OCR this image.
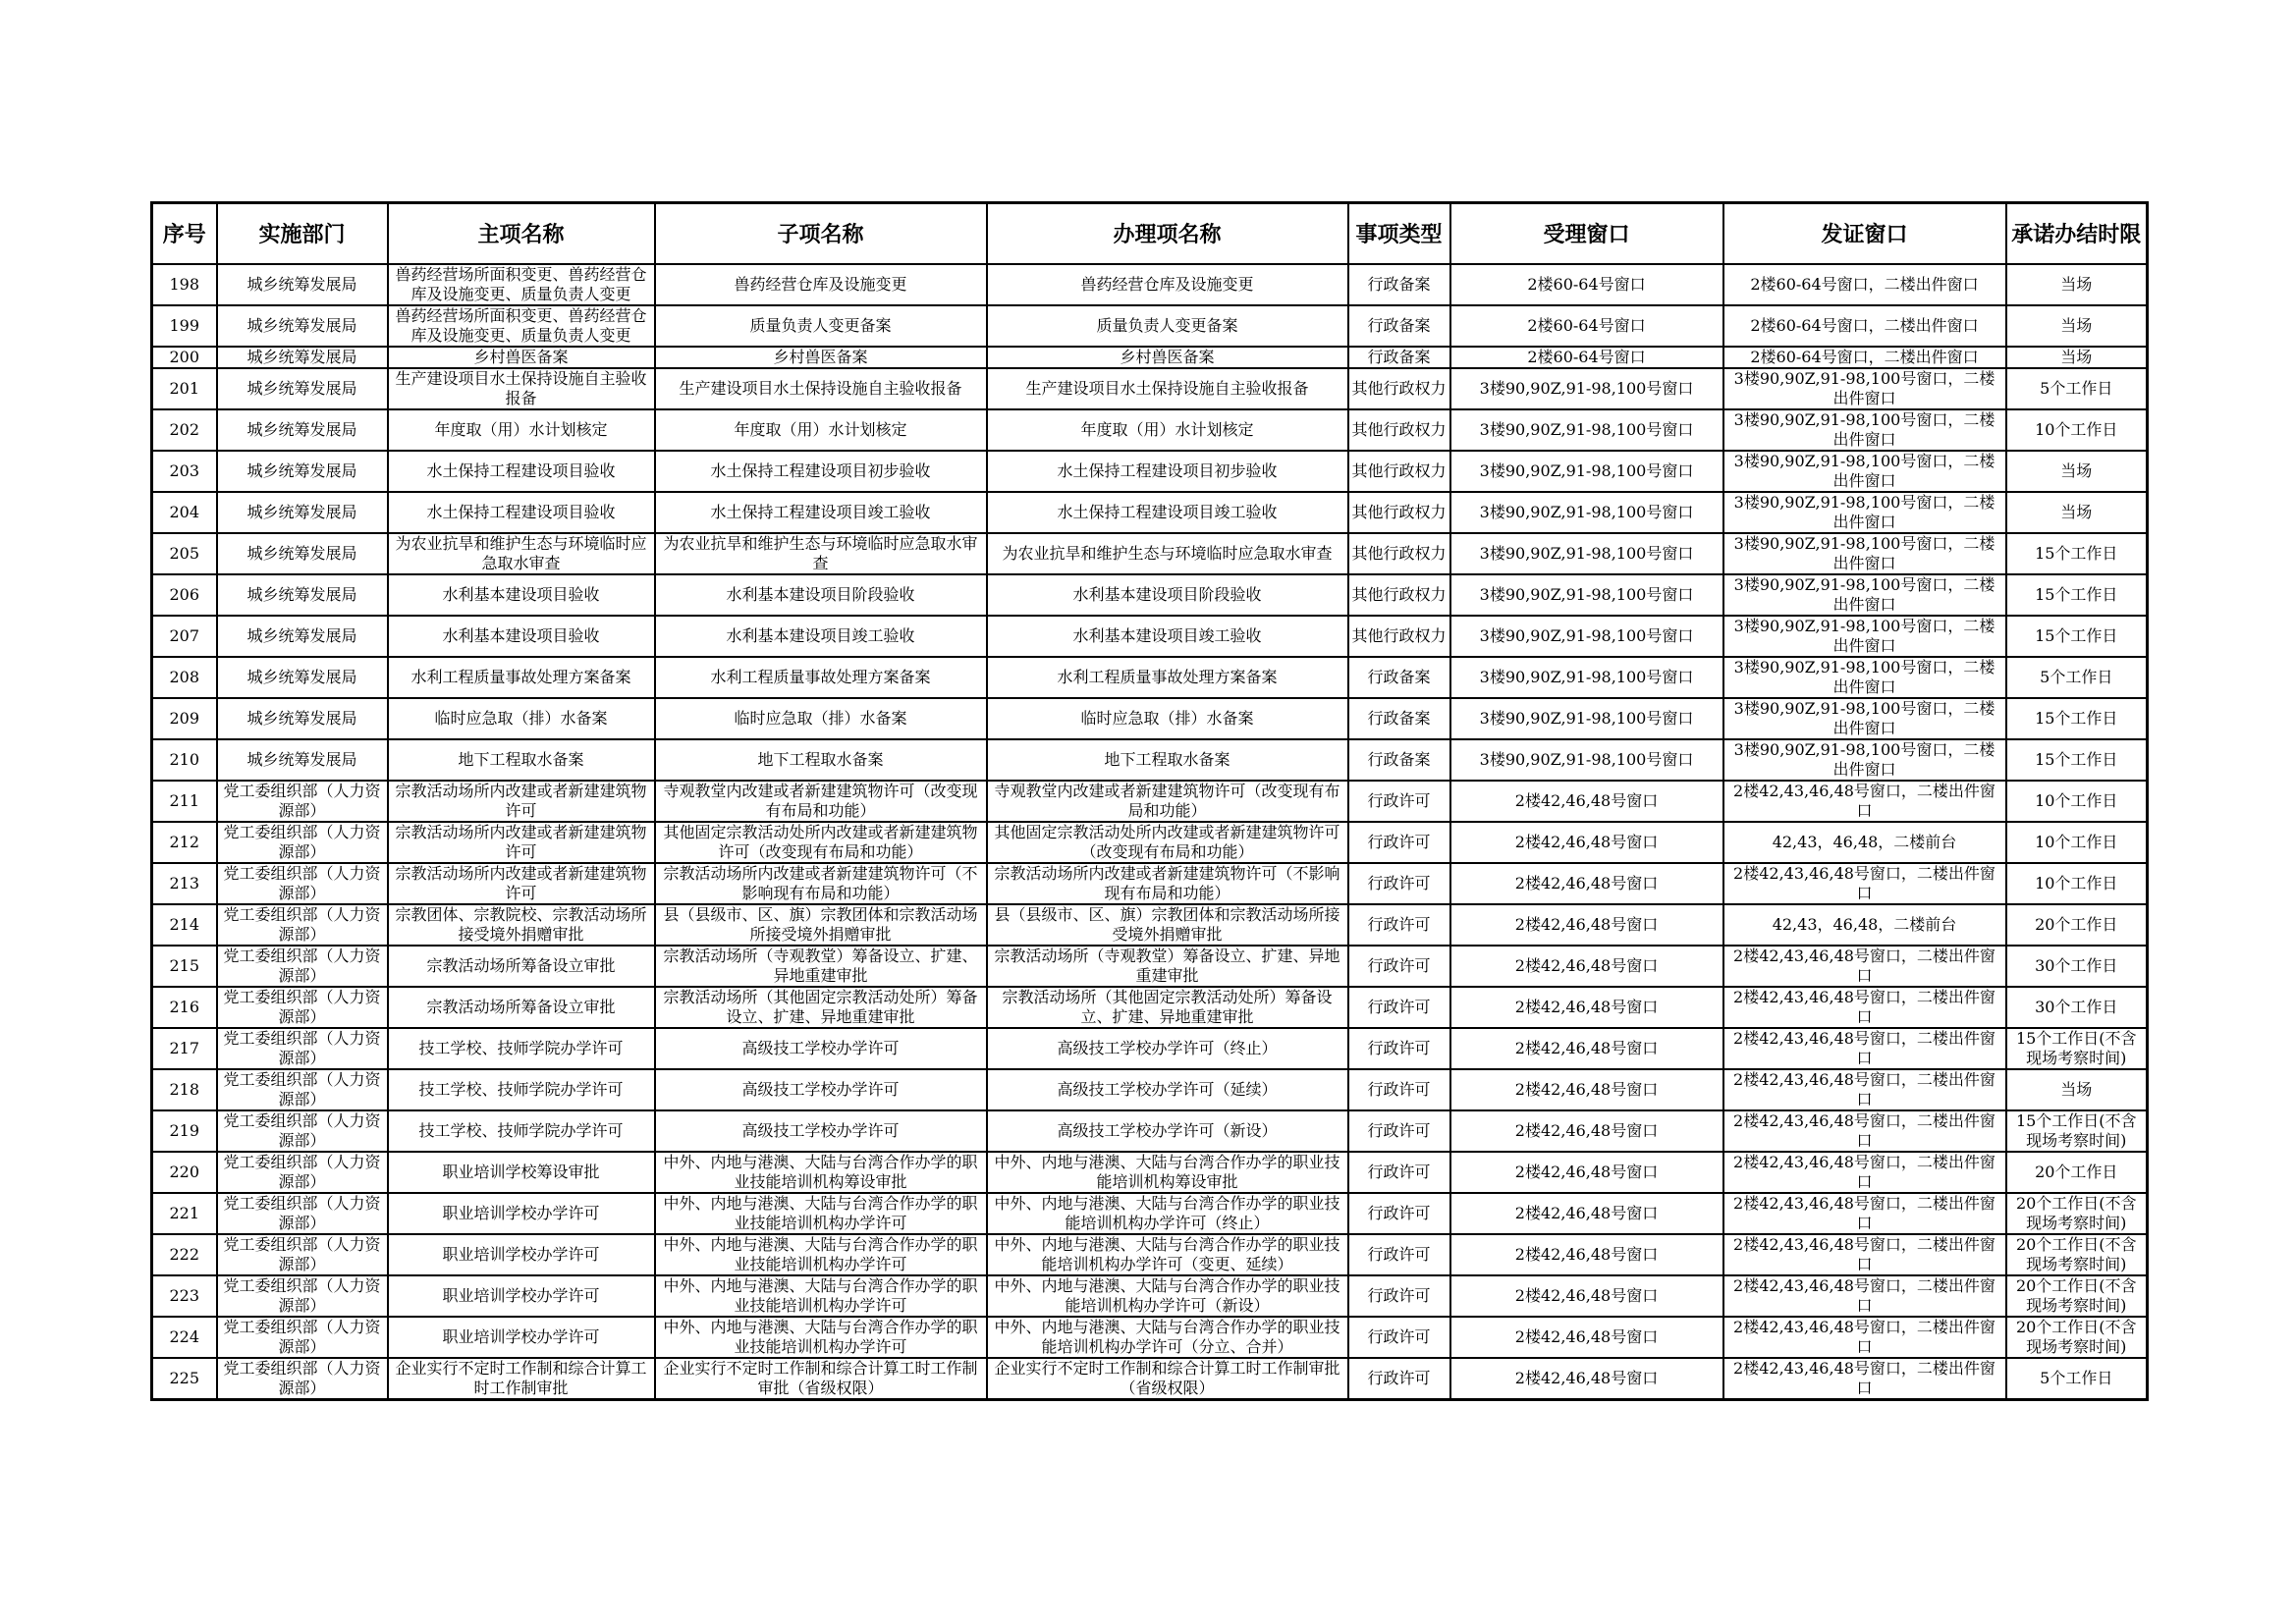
序号	实施部门	主项名称	子项名称	办理项名称	事项类型	受理窗口	发证窗口	承诺办结时限
198	城乡统筹发展局	兽药经营场所面积变更、兽药经营仓库及设施变更、质量负责人变更	兽药经营仓库及设施变更	兽药经营仓库及设施变更	行政备案	2楼60-64号窗口	2楼60-64号窗口，二楼出件窗口	当场
199	城乡统筹发展局	兽药经营场所面积变更、兽药经营仓库及设施变更、质量负责人变更	质量负责人变更备案	质量负责人变更备案	行政备案	2楼60-64号窗口	2楼60-64号窗口，二楼出件窗口	当场
200	城乡统筹发展局	乡村兽医备案	乡村兽医备案	乡村兽医备案	行政备案	2楼60-64号窗口	2楼60-64号窗口，二楼出件窗口	当场
201	城乡统筹发展局	生产建设项目水土保持设施自主验收报备	生产建设项目水土保持设施自主验收报备	生产建设项目水土保持设施自主验收报备	其他行政权力	3楼90,90Z,91-98,100号窗口	3楼90,90Z,91-98,100号窗口，二楼出件窗口	5个工作日
202	城乡统筹发展局	年度取（用）水计划核定	年度取（用）水计划核定	年度取（用）水计划核定	其他行政权力	3楼90,90Z,91-98,100号窗口	3楼90,90Z,91-98,100号窗口，二楼出件窗口	10个工作日
203	城乡统筹发展局	水土保持工程建设项目验收	水土保持工程建设项目初步验收	水土保持工程建设项目初步验收	其他行政权力	3楼90,90Z,91-98,100号窗口	3楼90,90Z,91-98,100号窗口，二楼出件窗口	当场
204	城乡统筹发展局	水土保持工程建设项目验收	水土保持工程建设项目竣工验收	水土保持工程建设项目竣工验收	其他行政权力	3楼90,90Z,91-98,100号窗口	3楼90,90Z,91-98,100号窗口，二楼出件窗口	当场
205	城乡统筹发展局	为农业抗旱和维护生态与环境临时应急取水审查	为农业抗旱和维护生态与环境临时应急取水审查	为农业抗旱和维护生态与环境临时应急取水审查	其他行政权力	3楼90,90Z,91-98,100号窗口	3楼90,90Z,91-98,100号窗口，二楼出件窗口	15个工作日
206	城乡统筹发展局	水利基本建设项目验收	水利基本建设项目阶段验收	水利基本建设项目阶段验收	其他行政权力	3楼90,90Z,91-98,100号窗口	3楼90,90Z,91-98,100号窗口，二楼出件窗口	15个工作日
207	城乡统筹发展局	水利基本建设项目验收	水利基本建设项目竣工验收	水利基本建设项目竣工验收	其他行政权力	3楼90,90Z,91-98,100号窗口	3楼90,90Z,91-98,100号窗口，二楼出件窗口	15个工作日
208	城乡统筹发展局	水利工程质量事故处理方案备案	水利工程质量事故处理方案备案	水利工程质量事故处理方案备案	行政备案	3楼90,90Z,91-98,100号窗口	3楼90,90Z,91-98,100号窗口，二楼出件窗口	5个工作日
209	城乡统筹发展局	临时应急取（排）水备案	临时应急取（排）水备案	临时应急取（排）水备案	行政备案	3楼90,90Z,91-98,100号窗口	3楼90,90Z,91-98,100号窗口，二楼出件窗口	15个工作日
210	城乡统筹发展局	地下工程取水备案	地下工程取水备案	地下工程取水备案	行政备案	3楼90,90Z,91-98,100号窗口	3楼90,90Z,91-98,100号窗口，二楼出件窗口	15个工作日
211	党工委组织部（人力资源部）	宗教活动场所内改建或者新建建筑物许可	寺观教堂内改建或者新建建筑物许可（改变现有布局和功能）	寺观教堂内改建或者新建建筑物许可（改变现有布局和功能）	行政许可	2楼42,46,48号窗口	2楼42,43,46,48号窗口，二楼出件窗口	10个工作日
212	党工委组织部（人力资源部）	宗教活动场所内改建或者新建建筑物许可	其他固定宗教活动处所内改建或者新建建筑物许可（改变现有布局和功能）	其他固定宗教活动处所内改建或者新建建筑物许可（改变现有布局和功能）	行政许可	2楼42,46,48号窗口	42,43，46,48，二楼前台	10个工作日
213	党工委组织部（人力资源部）	宗教活动场所内改建或者新建建筑物许可	宗教活动场所内改建或者新建建筑物许可（不影响现有布局和功能）	宗教活动场所内改建或者新建建筑物许可（不影响现有布局和功能）	行政许可	2楼42,46,48号窗口	2楼42,43,46,48号窗口，二楼出件窗口	10个工作日
214	党工委组织部（人力资源部）	宗教团体、宗教院校、宗教活动场所接受境外捐赠审批	县（县级市、区、旗）宗教团体和宗教活动场所接受境外捐赠审批	县（县级市、区、旗）宗教团体和宗教活动场所接受境外捐赠审批	行政许可	2楼42,46,48号窗口	42,43，46,48，二楼前台	20个工作日
215	党工委组织部（人力资源部）	宗教活动场所筹备设立审批	宗教活动场所（寺观教堂）筹备设立、扩建、异地重建审批	宗教活动场所（寺观教堂）筹备设立、扩建、异地重建审批	行政许可	2楼42,46,48号窗口	2楼42,43,46,48号窗口，二楼出件窗口	30个工作日
216	党工委组织部（人力资源部）	宗教活动场所筹备设立审批	宗教活动场所（其他固定宗教活动处所）筹备设立、扩建、异地重建审批	宗教活动场所（其他固定宗教活动处所）筹备设立、扩建、异地重建审批	行政许可	2楼42,46,48号窗口	2楼42,43,46,48号窗口，二楼出件窗口	30个工作日
217	党工委组织部（人力资源部）	技工学校、技师学院办学许可	高级技工学校办学许可	高级技工学校办学许可（终止）	行政许可	2楼42,46,48号窗口	2楼42,43,46,48号窗口，二楼出件窗口	15个工作日(不含现场考察时间)
218	党工委组织部（人力资源部）	技工学校、技师学院办学许可	高级技工学校办学许可	高级技工学校办学许可（延续）	行政许可	2楼42,46,48号窗口	2楼42,43,46,48号窗口，二楼出件窗口	当场
219	党工委组织部（人力资源部）	技工学校、技师学院办学许可	高级技工学校办学许可	高级技工学校办学许可（新设）	行政许可	2楼42,46,48号窗口	2楼42,43,46,48号窗口，二楼出件窗口	15个工作日(不含现场考察时间)
220	党工委组织部（人力资源部）	职业培训学校筹设审批	中外、内地与港澳、大陆与台湾合作办学的职业技能培训机构筹设审批	中外、内地与港澳、大陆与台湾合作办学的职业技能培训机构筹设审批	行政许可	2楼42,46,48号窗口	2楼42,43,46,48号窗口，二楼出件窗口	20个工作日
221	党工委组织部（人力资源部）	职业培训学校办学许可	中外、内地与港澳、大陆与台湾合作办学的职业技能培训机构办学许可	中外、内地与港澳、大陆与台湾合作办学的职业技能培训机构办学许可（终止）	行政许可	2楼42,46,48号窗口	2楼42,43,46,48号窗口，二楼出件窗口	20个工作日(不含现场考察时间)
222	党工委组织部（人力资源部）	职业培训学校办学许可	中外、内地与港澳、大陆与台湾合作办学的职业技能培训机构办学许可	中外、内地与港澳、大陆与台湾合作办学的职业技能培训机构办学许可（变更、延续）	行政许可	2楼42,46,48号窗口	2楼42,43,46,48号窗口，二楼出件窗口	20个工作日(不含现场考察时间)
223	党工委组织部（人力资源部）	职业培训学校办学许可	中外、内地与港澳、大陆与台湾合作办学的职业技能培训机构办学许可	中外、内地与港澳、大陆与台湾合作办学的职业技能培训机构办学许可（新设）	行政许可	2楼42,46,48号窗口	2楼42,43,46,48号窗口，二楼出件窗口	20个工作日(不含现场考察时间)
224	党工委组织部（人力资源部）	职业培训学校办学许可	中外、内地与港澳、大陆与台湾合作办学的职业技能培训机构办学许可	中外、内地与港澳、大陆与台湾合作办学的职业技能培训机构办学许可（分立、合并）	行政许可	2楼42,46,48号窗口	2楼42,43,46,48号窗口，二楼出件窗口	20个工作日(不含现场考察时间)
225	党工委组织部（人力资源部）	企业实行不定时工作制和综合计算工时工作制审批	企业实行不定时工作制和综合计算工时工作制审批（省级权限）	企业实行不定时工作制和综合计算工时工作制审批（省级权限）	行政许可	2楼42,46,48号窗口	2楼42,43,46,48号窗口，二楼出件窗口	5个工作日
